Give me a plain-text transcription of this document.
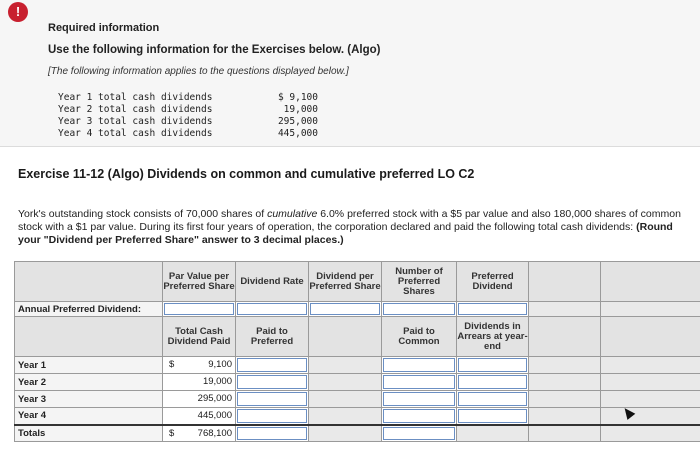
!
Required information
Use the following information for the Exercises below. (Algo)
[The following information applies to the questions displayed below.]
Year 1 total cash dividends	$ 9,100
Year 2 total cash dividends	19,000
Year 3 total cash dividends	295,000
Year 4 total cash dividends	445,000
Exercise 11-12 (Algo) Dividends on common and cumulative preferred LO C2
York's outstanding stock consists of 70,000 shares of cumulative 6.0% preferred stock with a $5 par value and also 180,000 shares of common stock with a $1 par value. During its first four years of operation, the corporation declared and paid the following total cash dividends: (Round your "Dividend per Preferred Share" answer to 3 decimal places.)
	Par Value per Preferred Share	Dividend Rate	Dividend per Preferred Share	Number of Preferred Shares	Preferred Dividend		
Annual Preferred Dividend:	

	Total Cash Dividend Paid	Paid to Preferred		Paid to Common	Dividends in Arrears at year-end		
Year 1	$ 9,100						

Year 2	19,000						

Year 3	295,000						

Year 4	445,000						

Totals	$ 768,100						
